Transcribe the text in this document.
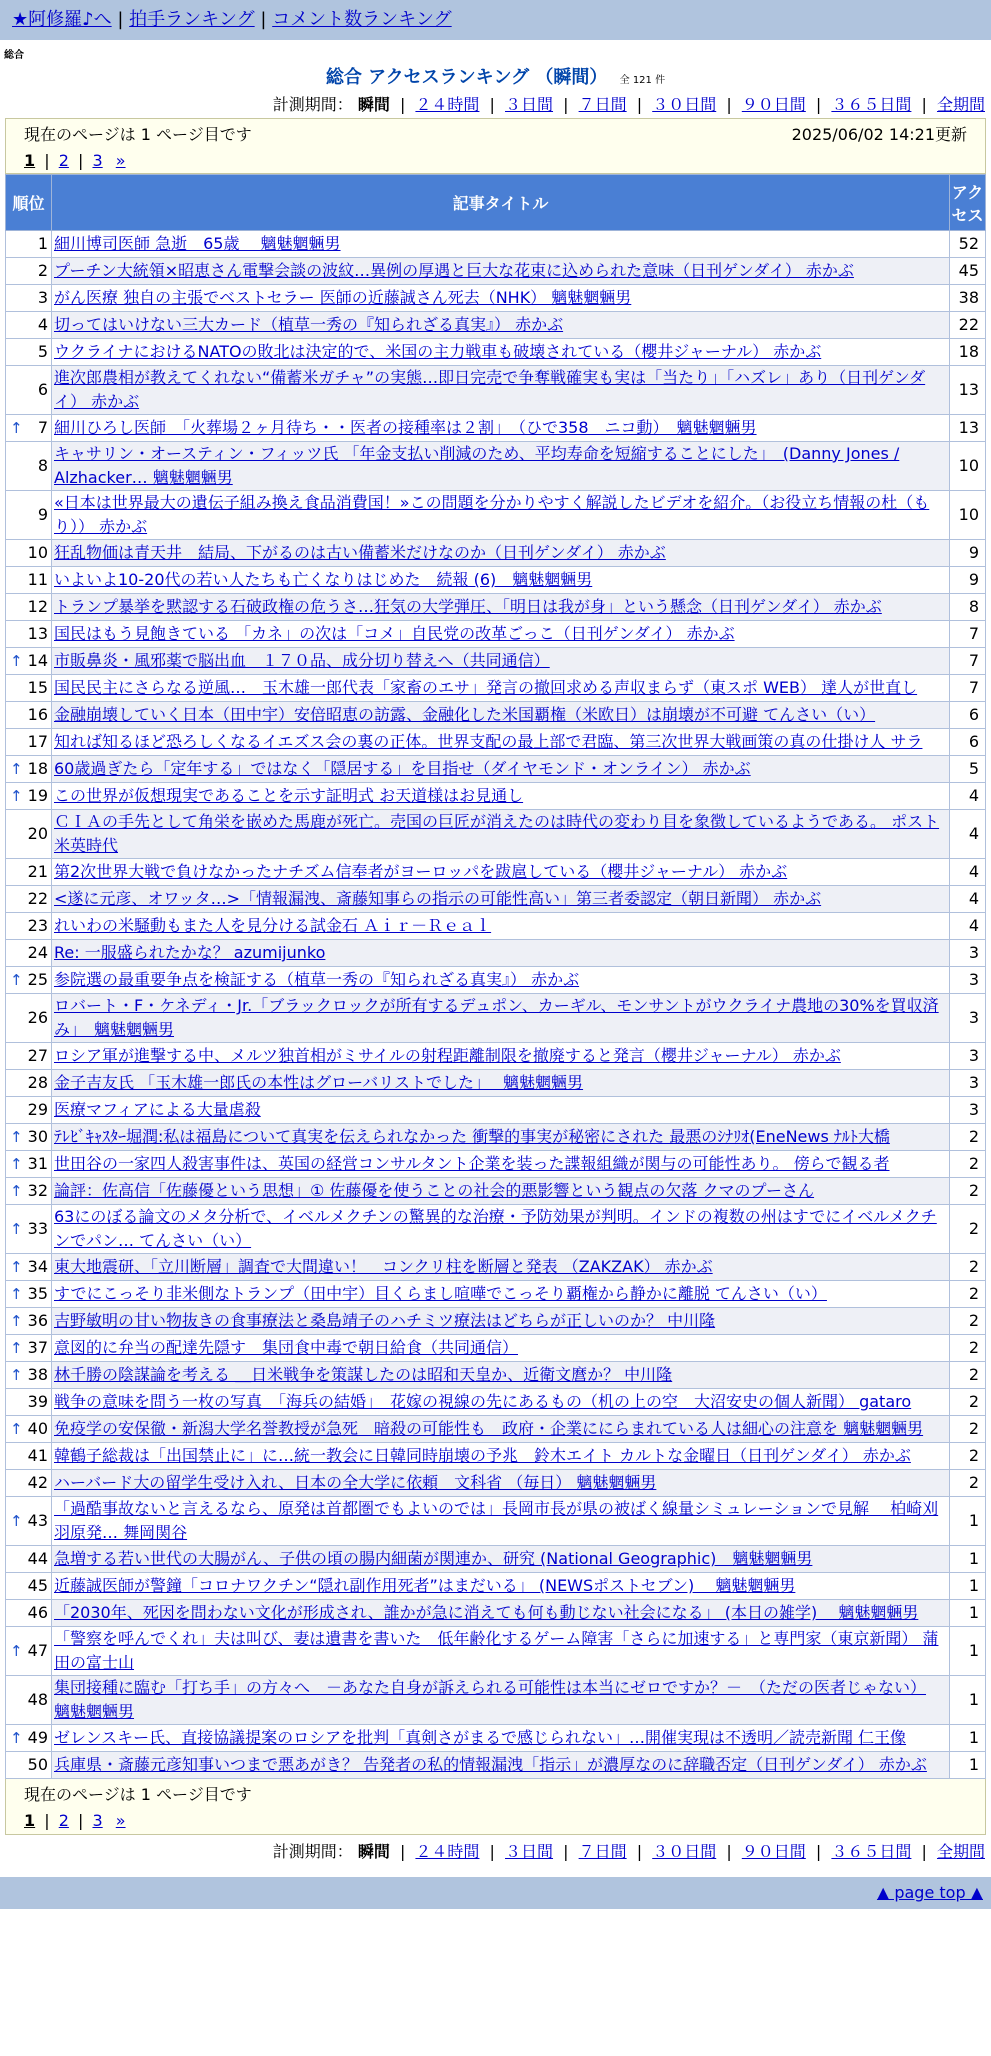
★阿修羅♪へ | 拍手ランキング | コメント数ランキング
総合
総合 アクセスランキング （瞬間） 全 121 件
計測期間： 瞬間 | ２４時間 | ３日間 | ７日間 | ３０日間 | ９０日間 | ３６５日間 | 全期間
現在のページは 1 ページ目です	2025/06/02 14:21更新
1 | 2 | 3 »
順位	記事タイトル	アクセス
1	細川博司医師 急逝　65歳　 魑魅魍魎男	52
2	プーチン大統領×昭恵さん電撃会談の波紋…異例の厚遇と巨大な花束に込められた意味（日刊ゲンダイ） 赤かぶ	45
3	がん医療 独自の主張でベストセラー 医師の近藤誠さん死去（NHK） 魑魅魍魎男	38
4	切ってはいけない三大カード（植草一秀の『知られざる真実』） 赤かぶ	22
5	ウクライナにおけるNATOの敗北は決定的で、米国の主力戦車も破壊されている（櫻井ジャーナル） 赤かぶ	18
6	進次郎農相が教えてくれない“備蓄米ガチャ”の実態…即日完売で争奪戦確実も実は「当たり」「ハズレ」あり（日刊ゲンダイ） 赤かぶ	13

↑ 7	細川ひろし医師　「火葬場２ヶ月待ち・・医者の接種率は２割」　（ひで358　ニコ動）　魑魅魍魎男	13
8	キャサリン・オースティン・フィッツ氏 「年金支払い削減のため、平均寿命を短縮することにした」　(Danny Jones / Alzhacker… 魑魅魍魎男	10
9	«日本は世界最大の遺伝子組み換え食品消費国！»この問題を分かりやすく解説したビデオを紹介。（お役立ち情報の杜（もり）） 赤かぶ	10
10	狂乱物価は青天井　結局、下がるのは古い備蓄米だけなのか（日刊ゲンダイ） 赤かぶ	9
11	いよいよ10-20代の若い人たちも亡くなりはじめた　続報 (6)　魑魅魍魎男	9
12	トランプ暴挙を黙認する石破政権の危うさ…狂気の大学弾圧、「明日は我が身」という懸念（日刊ゲンダイ） 赤かぶ	8
13	国民はもう見飽きている 「カネ」の次は「コメ」自民党の改革ごっこ（日刊ゲンダイ） 赤かぶ	7

↑ 14	市販鼻炎・風邪薬で脳出血　１７０品、成分切り替えへ（共同通信）	7
15	国民民主にさらなる逆風…　玉木雄一郎代表「家畜のエサ」発言の撤回求める声収まらず（東スポ WEB） 達人が世直し	7
16	金融崩壊していく日本（田中宇）安倍昭恵の訪露、金融化した米国覇権（米欧日）は崩壊が不可避 てんさい（い）	6
17	知れば知るほど恐ろしくなるイエズス会の裏の正体。世界支配の最上部で君臨、第三次世界大戦画策の真の仕掛け人 サラ	6

↑ 18	60歳過ぎたら「定年する」ではなく「隠居する」を目指せ（ダイヤモンド・オンライン） 赤かぶ	5

↑ 19	この世界が仮想現実であることを示す証明式 お天道様はお見通し	4
20	ＣＩＡの手先として角栄を嵌めた馬鹿が死亡。売国の巨匠が消えたのは時代の変わり目を象徴しているようである。 ポスト米英時代	4
21	第2次世界大戦で負けなかったナチズム信奉者がヨーロッパを跋扈している（櫻井ジャーナル） 赤かぶ	4
22	<遂に元彦、オワッタ…>「情報漏洩、斎藤知事らの指示の可能性高い」第三者委認定（朝日新聞） 赤かぶ	4
23	れいわの米騒動もまた人を見分ける試金石 Ａｉｒ－Ｒｅａｌ	4
24	Re: 一服盛られたかな？ azumijunko	3

↑ 25	参院選の最重要争点を検証する（植草一秀の『知られざる真実』） 赤かぶ	3
26	ロバート・F・ケネディ・Jr.「ブラックロックが所有するデュポン、カーギル、モンサントがウクライナ農地の30%を買収済み」　魑魅魍魎男	3
27	ロシア軍が進撃する中、メルツ独首相がミサイルの射程距離制限を撤廃すると発言（櫻井ジャーナル） 赤かぶ	3
28	金子吉友氏 「玉木雄一郎氏の本性はグローバリストでした」　 魑魅魍魎男	3
29	医療マフィアによる大量虐殺	3

↑ 30	ﾃﾚﾋﾞｷｬｽﾀｰ堀潤:私は福島について真実を伝えられなかった 衝撃的事実が秘密にされた 最悪のｼﾅﾘｵ(EneNews ﾅﾙﾄ大橋	2

↑ 31	世田谷の一家四人殺害事件は、英国の経営コンサルタント企業を装った諜報組織が関与の可能性あり。 傍らで観る者	2

↑ 32	論評：佐高信「佐藤優という思想」① 佐藤優を使うことの社会的悪影響という観点の欠落 クマのプーさん	2

↑ 33	63にのぼる論文のメタ分析で、イベルメクチンの驚異的な治療・予防効果が判明。インドの複数の州はすでにイベルメクチンでパン… てんさい（い）	2

↑ 34	東大地震研、「立川断層」調査で大間違い！　コンクリ柱を断層と発表 （ZAKZAK） 赤かぶ	2

↑ 35	すでにこっそり非米側なトランプ（田中宇）目くらまし喧嘩でこっそり覇権から静かに離脱 てんさい（い）	2

↑ 36	吉野敏明の甘い物抜きの食事療法と桑島靖子のハチミツ療法はどちらが正しいのか？ 中川隆	2

↑ 37	意図的に弁当の配達先隠す　集団食中毒で朝日給食（共同通信）	2

↑ 38	林千勝の陰謀論を考える ＿日米戦争を策謀したのは昭和天皇か、近衛文麿か？ 中川隆	2
39	戦争の意味を問う一枚の写真　「海兵の結婚」　花嫁の視線の先にあるもの（机の上の空　大沼安史の個人新聞） gataro	2

↑ 40	免疫学の安保徹・新潟大学名誉教授が急死　暗殺の可能性も　政府・企業ににらまれている人は細心の注意を 魑魅魍魎男	2
41	韓鶴子総裁は「出国禁止に」に…統一教会に日韓同時崩壊の予兆　鈴木エイト カルトな金曜日（日刊ゲンダイ） 赤かぶ	2
42	ハーバード大の留学生受け入れ、日本の全大学に依頼　文科省 （毎日） 魑魅魍魎男	2

↑ 43	「過酷事故ないと言えるなら、原発は首都圏でもよいのでは」長岡市長が県の被ばく線量シミュレーションで見解　 柏崎刈羽原発… 舞岡関谷	1
44	急増する若い世代の大腸がん、子供の頃の腸内細菌が関連か、研究 (National Geographic)　魑魅魍魎男	1
45	近藤誠医師が警鐘「コロナワクチン“隠れ副作用死者”はまだいる」 (NEWSポストセブン)　 魑魅魍魎男	1
46	「2030年、死因を問わない文化が形成され、誰かが急に消えても何も動じない社会になる」 (本日の雑学)　 魑魅魍魎男	1

↑ 47	「警察を呼んでくれ」夫は叫び、妻は遺書を書いた　低年齢化するゲーム障害「さらに加速する」と専門家（東京新聞） 蒲田の富士山	1
48	集団接種に臨む「打ち手」の方々へ　－あなた自身が訴えられる可能性は本当にゼロですか？－　（ただの医者じゃない） 魑魅魍魎男	1

↑ 49	ゼレンスキー氏、直接協議提案のロシアを批判「真剣さがまるで感じられない」…開催実現は不透明／読売新聞 仁王像	1
50	兵庫県・斎藤元彦知事いつまで悪あがき？ 告発者の私的情報漏洩「指示」が濃厚なのに辞職否定（日刊ゲンダイ） 赤かぶ	1
現在のページは 1 ページ目です
1 | 2 | 3 »
計測期間： 瞬間 | ２４時間 | ３日間 | ７日間 | ３０日間 | ９０日間 | ３６５日間 | 全期間
▲ page top ▲
